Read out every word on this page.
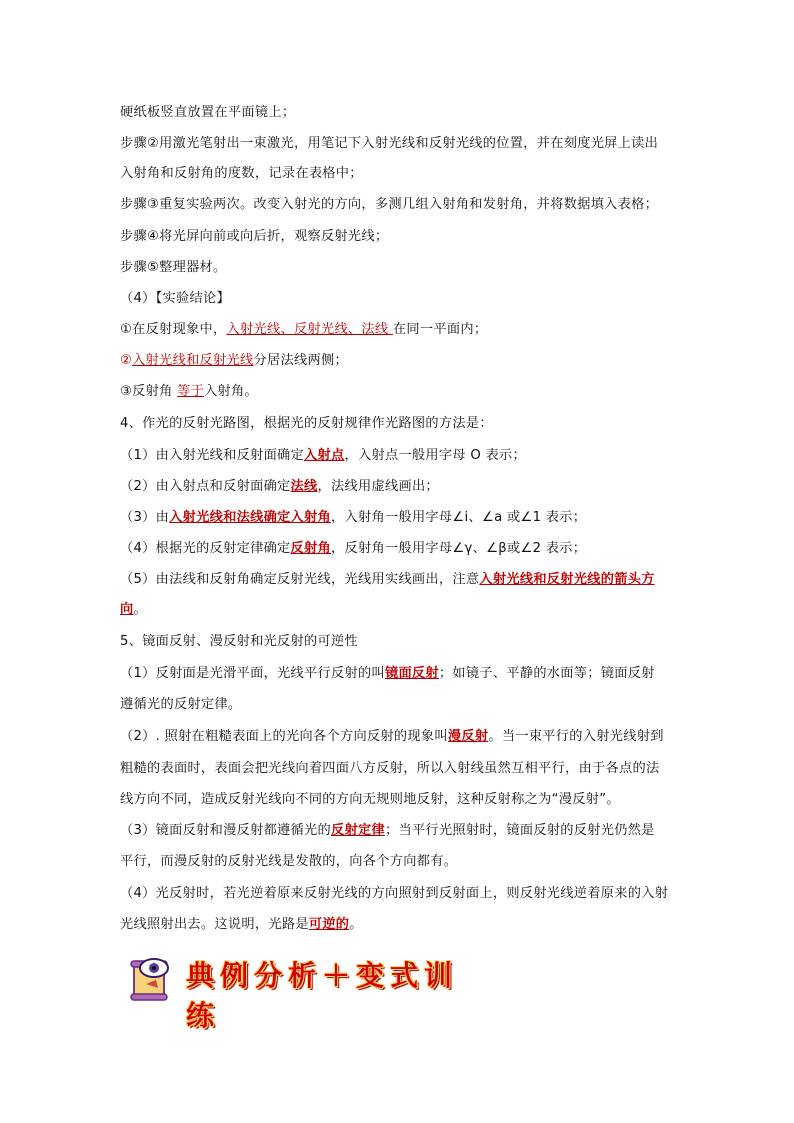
硬纸板竖直放置在平面镜上；
步骤②用激光笔射出一束激光，用笔记下入射光线和反射光线的位置，并在刻度光屏上读出
入射角和反射角的度数，记录在表格中；
步骤③重复实验两次。改变入射光的方向，多测几组入射角和发射角，并将数据填入表格；
步骤④将光屏向前或向后折，观察反射光线；
步骤⑤整理器材。
（4）【实验结论】
①在反射现象中，入射光线、反射光线、法线 在同一平面内；
②入射光线和反射光线分居法线两侧；
③反射角 等于入射角。
4、作光的反射光路图，根据光的反射规律作光路图的方法是：
（1）由入射光线和反射面确定入射点，入射点一般用字母 O 表示；
（2）由入射点和反射面确定法线，法线用虚线画出；
（3）由入射光线和法线确定入射角，入射角一般用字母∠i、∠a 或∠1 表示；
（4）根据光的反射定律确定反射角，反射角一般用字母∠γ、∠β或∠2 表示；
（5）由法线和反射角确定反射光线，光线用实线画出，注意入射光线和反射光线的箭头方
向。
5、镜面反射、漫反射和光反射的可逆性
（1）反射面是光滑平面，光线平行反射的叫镜面反射；如镜子、平静的水面等；镜面反射
遵循光的反射定律。
（2）. 照射在粗糙表面上的光向各个方向反射的现象叫漫反射。当一束平行的入射光线射到
粗糙的表面时，表面会把光线向着四面八方反射，所以入射线虽然互相平行，由于各点的法
线方向不同，造成反射光线向不同的方向无规则地反射，这种反射称之为“漫反射”。
（3）镜面反射和漫反射都遵循光的反射定律；当平行光照射时，镜面反射的反射光仍然是
平行，而漫反射的反射光线是发散的，向各个方向都有。
（4）光反射时，若光逆着原来反射光线的方向照射到反射面上，则反射光线逆着原来的入射
光线照射出去。这说明，光路是可逆的。
典例分析＋变式训练
